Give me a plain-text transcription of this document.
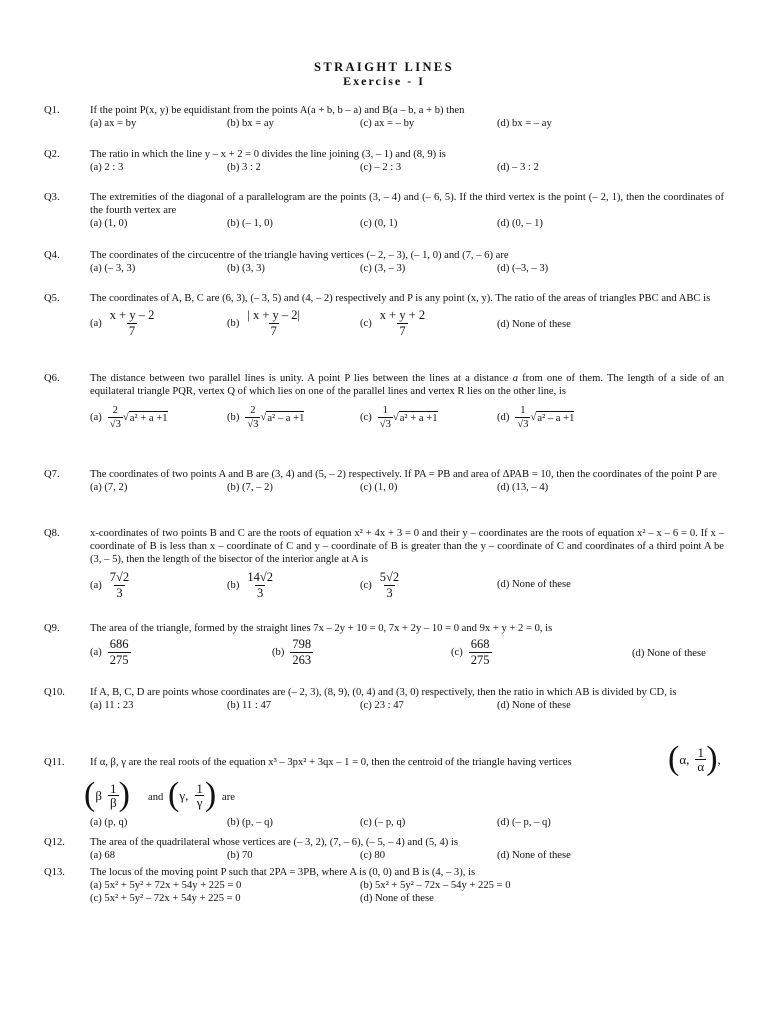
STRAIGHT LINES
Exercise - I
Q1.	If the point P(x, y) be equidistant from the points A(a + b, b – a) and B(a – b, a + b) then
(a) ax = by	(b) bx = ay	(c) ax = – by	(d) bx = – ay
Q2.	The ratio in which the line y – x + 2 = 0 divides the line joining (3, – 1) and (8, 9) is
(a) 2 : 3	(b) 3 : 2	(c) – 2 : 3	(d) – 3 : 2
Q3.	The extremities of the diagonal of a parallelogram are the points (3, – 4) and (– 6, 5). If the third vertex is the point (– 2, 1), then the coordinates of the fourth vertex are
(a) (1, 0)	(b) (– 1, 0)	(c) (0, 1)	(d) (0, – 1)
Q4.	The coordinates of the circucentre of the triangle having vertices (– 2, – 3), (– 1, 0) and (7, – 6) are
(a) (– 3, 3)	(b) (3, 3)	(c) (3, – 3)	(d) (–3, – 3)
Q5.	The coordinates of A, B, C are (6, 3), (– 3, 5) and (4, – 2) respectively and P is any point (x, y). The ratio of the areas of triangles PBC and ABC is
$(a) \frac{x + y - 2}{7}$	$(b) \frac{| x + y - 2|}{7}$	$(c) \frac{x + y + 2}{7}$	(d) None of these
Q6.	The distance between two parallel lines is unity. A point P lies between the lines at a distance a from one of them. The length of a side of an equilateral triangle PQR, vertex Q of which lies on one of the parallel lines and vertex R lies on the other line, is
$(a) \frac{2}{√3}$ √ a² + a +1	$(b) \frac{2}{√3}$ √ a² – a +1	$(c) \frac{1}{√3}$ √ a² + a +1	$(d) \frac{1}{√3}$ √ a² – a +1
Q7.	The coordinates of two points A and B are (3, 4) and (5, – 2) respectively. If PA = PB and area of ΔPAB = 10, then the coordinates of the point P are
(a) (7, 2)	(b) (7, – 2)	(c) (1, 0)	(d) (13, – 4)
Q8.	x-coordinates of two points B and C are the roots of equation x² + 4x + 3 = 0 and their y – coordinates are the roots of equation x² – x – 6 = 0. If x – coordinate of B is less than x – coordinate of C and y – coordinate of B is greater than the y – coordinate of C and coordinates of a third point A be (3, – 5), then the length of the bisector of the interior angle at A is
$(a) \frac{7√2}{3}$	$(b) \frac{14√2}{3}$	$(c) \frac{5√2}{3}$	(d) None of these
Q9.	The area of the triangle, formed by the straight lines 7x – 2y + 10 = 0, 7x + 2y – 10 = 0 and 9x + y + 2 = 0, is
$(a) \frac{686}{275}$	$(b) \frac{798}{263}$	$(c) \frac{668}{275}$	(d) None of these
Q10. If A, B, C, D are points whose coordinates are (– 2, 3), (8, 9), (0, 4) and (3, 0) respectively, then the ratio in which AB is divided by CD, is
(a) 11 : 23	(b) 11 : 47	(c) 23 : 47	(d) None of these
Q11. If α, β, γ are the real roots of the equation x³ – 3px² + 3qx – 1 = 0, then the centroid of the triangle having vertices	( α, $\frac{1}{\alpha}$ ) ,
( β $\frac{1}{\beta}$ ) and ( γ, $\frac{1}{\gamma}$ ) are
(a) (p, q)	(b) (p, – q)	(c) (– p, q)	(d) (– p, – q)
Q12. The area of the quadrilateral whose vertices are (– 3, 2), (7, – 6), (– 5, – 4) and (5, 4) is
(a) 68	(b) 70	(c) 80	(d) None of these
Q13. The locus of the moving point P such that 2PA = 3PB, where A is (0, 0) and B is (4, – 3), is
(a) 5x² + 5y² + 72x + 54y + 225 = 0	(b) 5x² + 5y² – 72x – 54y + 225 = 0
(c) 5x² + 5y² – 72x + 54y + 225 = 0	(d) None of these
